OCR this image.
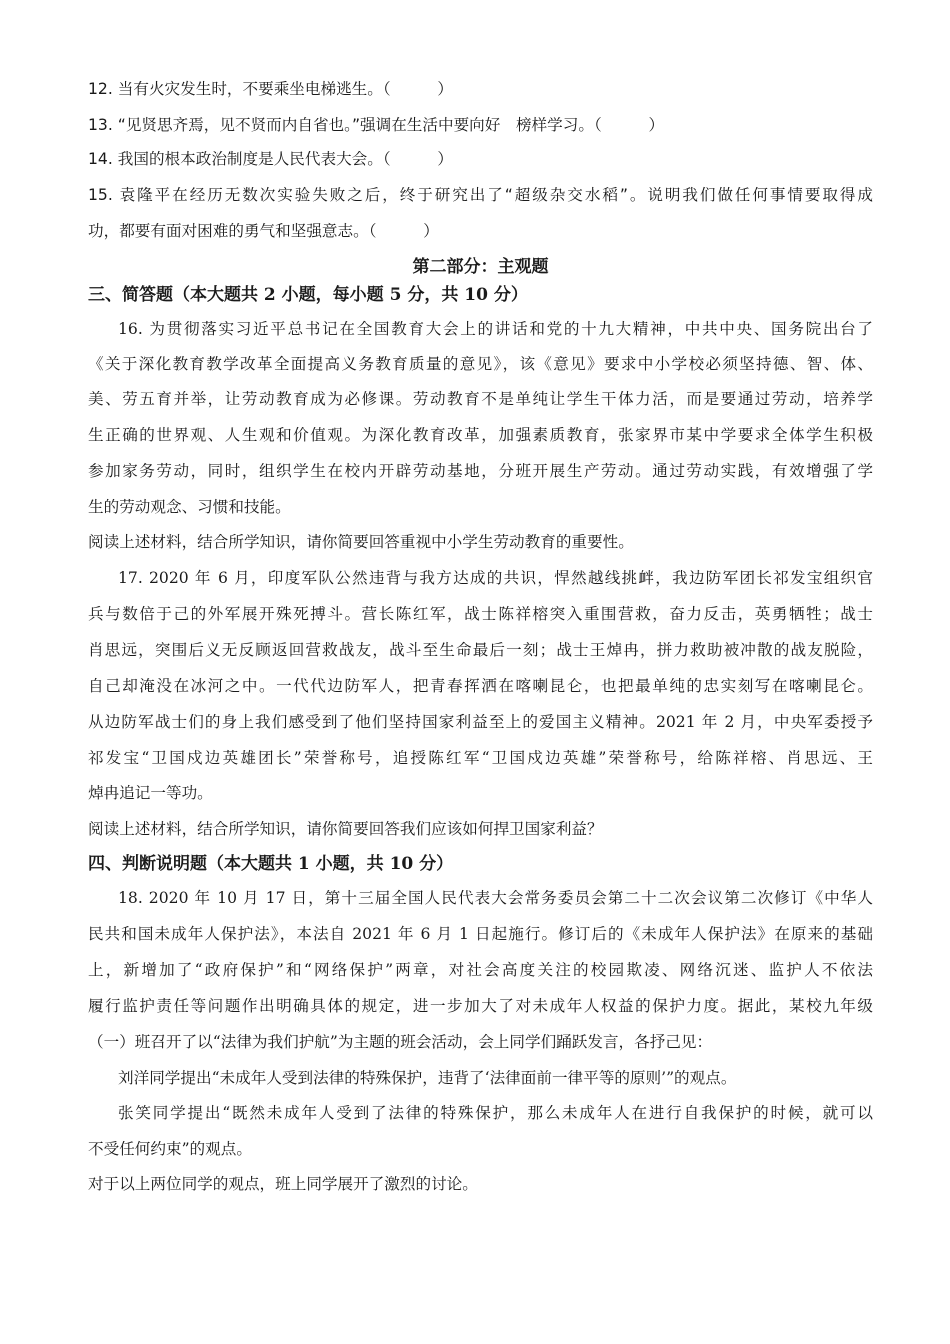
12. 当有火灾发生时，不要乘坐电梯逃生。（　　　）
13. “见贤思齐焉，见不贤而内自省也。”强调在生活中要向好　榜样学习。（　　　）
14. 我国的根本政治制度是人民代表大会。（　　　）
15. 袁隆平在经历无数次实验失败之后，终于研究出了“超级杂交水稻”。说明我们做任何事情要取得成
功，都要有面对困难的勇气和坚强意志。（　　　）
第二部分：主观题
三、简答题（本大题共 2 小题，每小题 5 分，共 10 分）
16. 为贯彻落实习近平总书记在全国教育大会上的讲话和党的十九大精神，中共中央、国务院出台了
《关于深化教育教学改革全面提高义务教育质量的意见》，该《意见》要求中小学校必须坚持德、智、体、
美、劳五育并举，让劳动教育成为必修课。劳动教育不是单纯让学生干体力活，而是要通过劳动，培养学
生正确的世界观、人生观和价值观。为深化教育改革，加强素质教育，张家界市某中学要求全体学生积极
参加家务劳动，同时，组织学生在校内开辟劳动基地，分班开展生产劳动。通过劳动实践，有效增强了学
生的劳动观念、习惯和技能。
阅读上述材料，结合所学知识，请你简要回答重视中小学生劳动教育的重要性。
17. 2020 年 6 月，印度军队公然违背与我方达成的共识，悍然越线挑衅，我边防军团长祁发宝组织官
兵与数倍于己的外军展开殊死搏斗。营长陈红军，战士陈祥榕突入重围营救，奋力反击，英勇牺牲；战士
肖思远，突围后义无反顾返回营救战友，战斗至生命最后一刻；战士王焯冉，拼力救助被冲散的战友脱险，
自己却淹没在冰河之中。一代代边防军人，把青春挥洒在喀喇昆仑，也把最单纯的忠实刻写在喀喇昆仑。
从边防军战士们的身上我们感受到了他们坚持国家利益至上的爱国主义精神。2021 年 2 月，中央军委授予
祁发宝“卫国戍边英雄团长”荣誉称号，追授陈红军“卫国戍边英雄”荣誉称号，给陈祥榕、肖思远、王
焯冉追记一等功。
阅读上述材料，结合所学知识，请你简要回答我们应该如何捍卫国家利益？
四、判断说明题（本大题共 1 小题，共 10 分）
18. 2020 年 10 月 17 日，第十三届全国人民代表大会常务委员会第二十二次会议第二次修订《中华人
民共和国未成年人保护法》，本法自 2021 年 6 月 1 日起施行。修订后的《未成年人保护法》在原来的基础
上，新增加了“政府保护”和“网络保护”两章，对社会高度关注的校园欺凌、网络沉迷、监护人不依法
履行监护责任等问题作出明确具体的规定，进一步加大了对未成年人权益的保护力度。据此，某校九年级
（一）班召开了以“法律为我们护航”为主题的班会活动，会上同学们踊跃发言，各抒己见：
刘洋同学提出“未成年人受到法律的特殊保护，违背了‘法律面前一律平等的原则’”的观点。
张笑同学提出“既然未成年人受到了法律的特殊保护，那么未成年人在进行自我保护的时候，就可以
不受任何约束”的观点。
对于以上两位同学的观点，班上同学展开了激烈的讨论。
